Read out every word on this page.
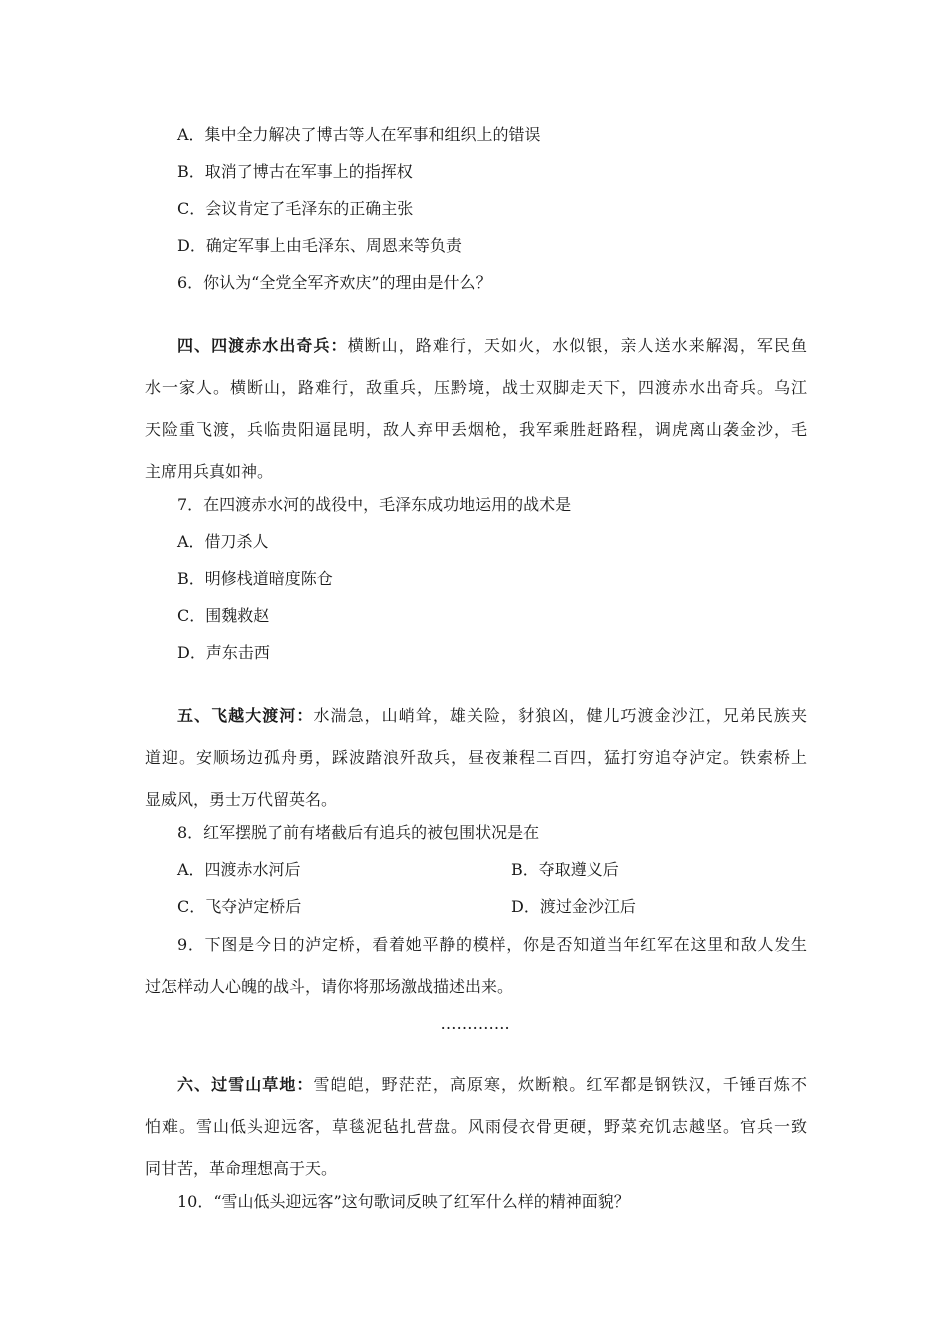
A．集中全力解决了博古等人在军事和组织上的错误
B．取消了博古在军事上的指挥权
C．会议肯定了毛泽东的正确主张
D．确定军事上由毛泽东、周恩来等负责
6．你认为“全党全军齐欢庆”的理由是什么？
四、四渡赤水出奇兵：横断山，路难行，天如火，水似银，亲人送水来解渴，军民鱼
水一家人。横断山，路难行，敌重兵，压黔境，战士双脚走天下，四渡赤水出奇兵。乌江
天险重飞渡，兵临贵阳逼昆明，敌人弃甲丢烟枪，我军乘胜赶路程，调虎离山袭金沙，毛
主席用兵真如神。
7．在四渡赤水河的战役中，毛泽东成功地运用的战术是
A．借刀杀人
B．明修栈道暗度陈仓
C．围魏救赵
D．声东击西
五、飞越大渡河：水湍急，山峭耸，雄关险，豺狼凶，健儿巧渡金沙江，兄弟民族夹
道迎。安顺场边孤舟勇，踩波踏浪歼敌兵，昼夜兼程二百四，猛打穷追夺泸定。铁索桥上
显威风，勇士万代留英名。
8．红军摆脱了前有堵截后有追兵的被包围状况是在
A．四渡赤水河后	B．夺取遵义后
C．飞夺泸定桥后	D．渡过金沙江后
9．下图是今日的泸定桥，看着她平静的模样，你是否知道当年红军在这里和敌人发生
过怎样动人心魄的战斗，请你将那场激战描述出来。
………….
六、过雪山草地：雪皑皑，野茫茫，高原寒，炊断粮。红军都是钢铁汉，千锤百炼不
怕难。雪山低头迎远客，草毯泥毡扎营盘。风雨侵衣骨更硬，野菜充饥志越坚。官兵一致
同甘苦，革命理想高于天。
10．“雪山低头迎远客”这句歌词反映了红军什么样的精神面貌？
